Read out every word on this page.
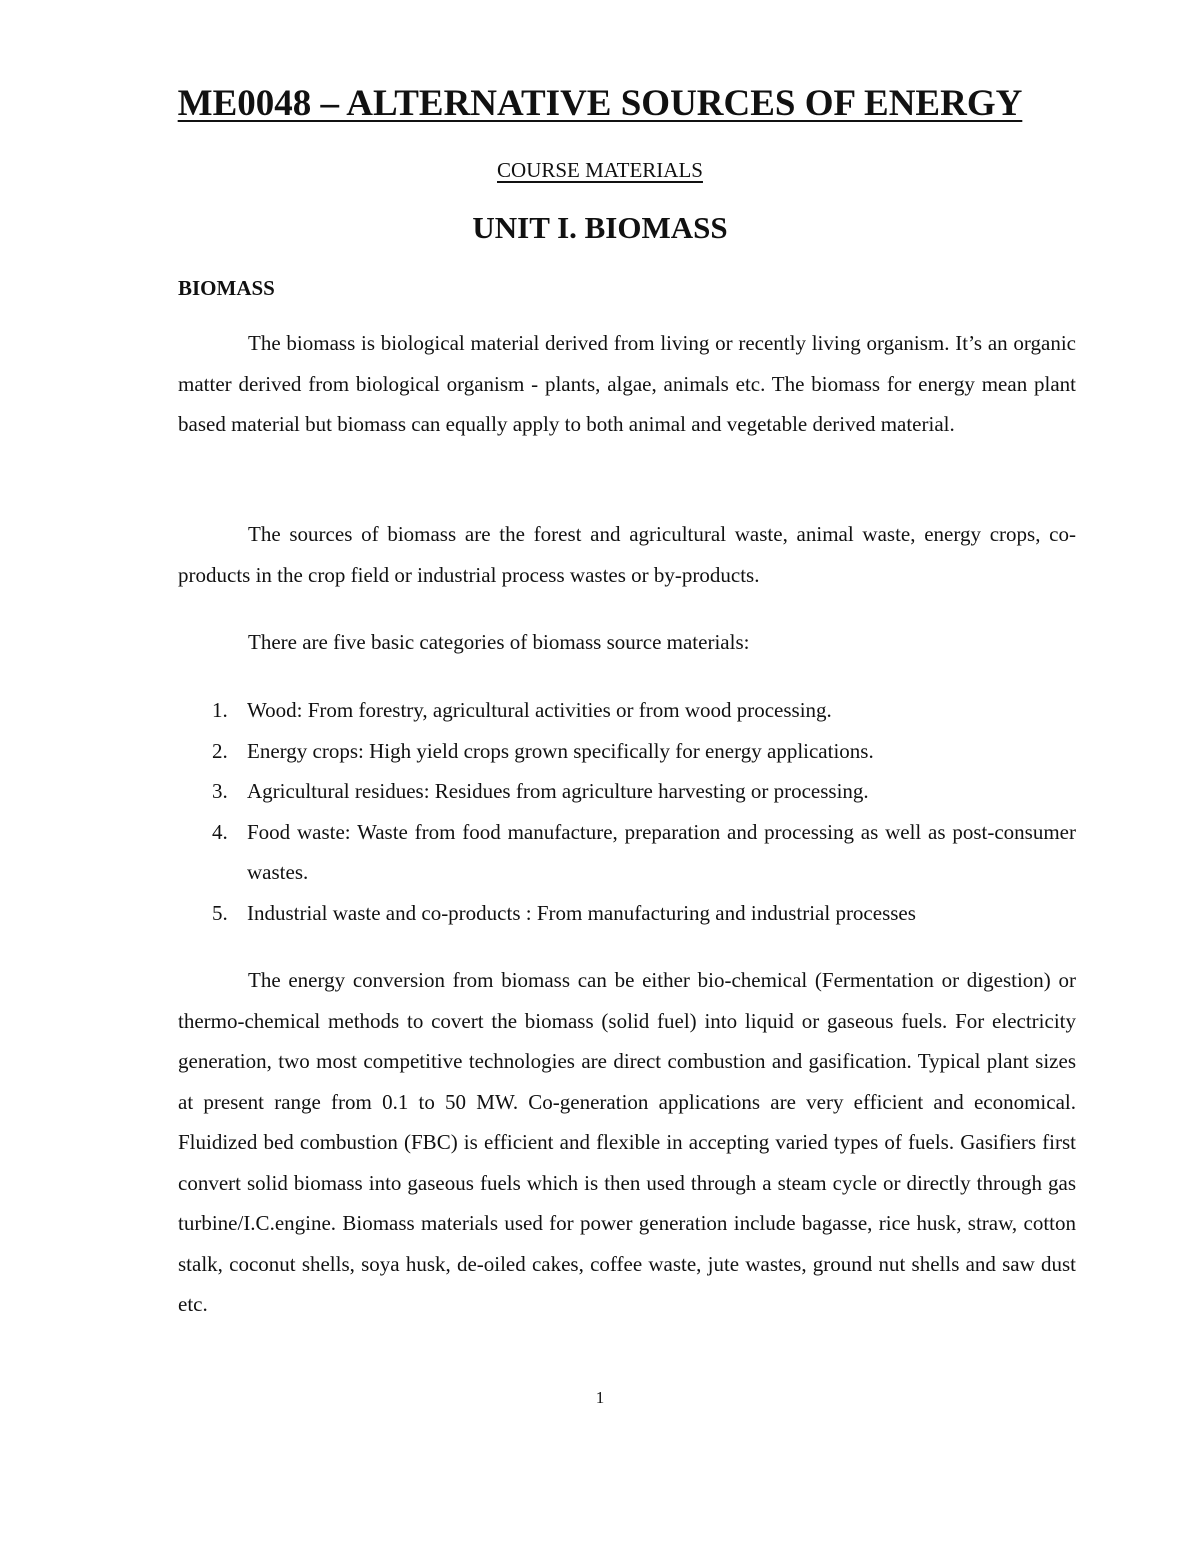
ME0048 – ALTERNATIVE SOURCES OF ENERGY

COURSE MATERIALS

UNIT I. BIOMASS
BIOMASS

The biomass is biological material derived from living or recently living organism. It’s an organic matter derived from biological organism - plants, algae, animals etc. The biomass for energy mean plant based material but biomass can equally apply to both animal and vegetable derived material.

The sources of biomass are the forest and agricultural waste, animal waste, energy crops, co-products in the crop field or industrial process wastes or by-products.

There are five basic categories of biomass source materials:

1. Wood: From forestry, agricultural activities or from wood processing.
2. Energy crops: High yield crops grown specifically for energy applications.
3. Agricultural residues: Residues from agriculture harvesting or processing.
4. Food waste: Waste from food manufacture, preparation and processing as well as post-consumer wastes.
5. Industrial waste and co-products : From manufacturing and industrial processes

The energy conversion from biomass can be either bio-chemical (Fermentation or digestion) or thermo-chemical methods to covert the biomass (solid fuel) into liquid or gaseous fuels. For electricity generation, two most competitive technologies are direct combustion and gasification. Typical plant sizes at present range from 0.1 to 50 MW. Co-generation applications are very efficient and economical. Fluidized bed combustion (FBC) is efficient and flexible in accepting varied types of fuels. Gasifiers first convert solid biomass into gaseous fuels which is then used through a steam cycle or directly through gas turbine/I.C.engine. Biomass materials used for power generation include bagasse, rice husk, straw, cotton stalk, coconut shells, soya husk, de-oiled cakes, coffee waste, jute wastes, ground nut shells and saw dust etc.

1
